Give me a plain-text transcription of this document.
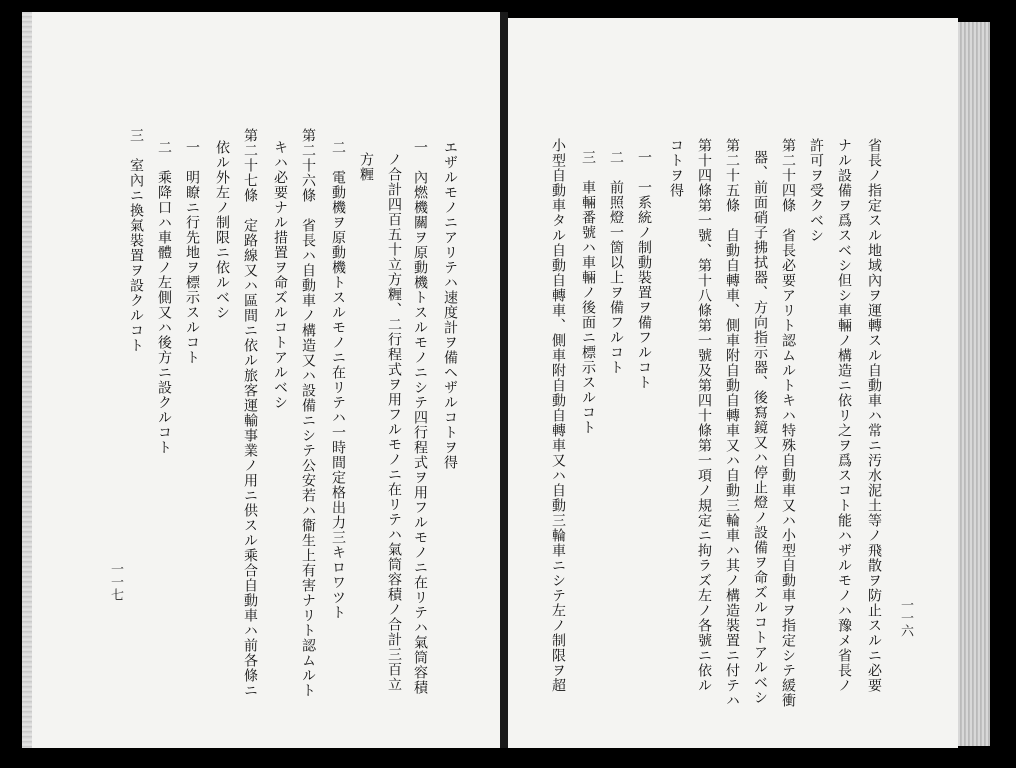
一一六
省長ノ指定スル地域內ヲ運轉スル自動車ハ常ニ汚水泥土等ノ飛散ヲ防止スルニ必要
ナル設備ヲ爲スベシ但シ車輛ノ構造ニ依リ之ヲ爲スコト能ハザルモノハ豫メ省長ノ
許可ヲ受クベシ
第二十四條　省長必要アリト認ムルトキハ特殊自動車又ハ小型自動車ヲ指定シテ緩衝
器、前面硝子拂拭器、方向指示器、後寫鏡又ハ停止燈ノ設備ヲ命ズルコトアルベシ
第二十五條　自動自轉車、側車附自動自轉車又ハ自動三輪車ハ其ノ構造裝置ニ付テハ
第十四條第一號、第十八條第一號及第四十條第一項ノ規定ニ拘ラズ左ノ各號ニ依ル
コトヲ得
一　一系統ノ制動裝置ヲ備フルコト
二　前照燈一箇以上ヲ備フルコト
三　車輛番號ハ車輛ノ後面ニ標示スルコト
小型自動車タル自動自轉車、側車附自動自轉車又ハ自動三輪車ニシテ左ノ制限ヲ超
一一七
エザルモノニアリテハ速度計ヲ備ヘザルコトヲ得
一　內燃機關ヲ原動機トスルモノニシテ四行程式ヲ用フルモノニ在リテハ氣筒容積
ノ合計四百五十立方糎、二行程式ヲ用フルモノニ在リテハ氣筒容積ノ合計三百立
方糎
二　電動機ヲ原動機トスルモノニ在リテハ一時間定格出力三キロワツト
第二十六條　省長ハ自動車ノ構造又ハ設備ニシテ公安若ハ衞生上有害ナリト認ムルト
キハ必要ナル措置ヲ命ズルコトアルベシ
第二十七條　定路線又ハ區間ニ依ル旅客運輸事業ノ用ニ供スル乘合自動車ハ前各條ニ
依ル外左ノ制限ニ依ルベシ
一　明瞭ニ行先地ヲ標示スルコト
二　乘降口ハ車體ノ左側又ハ後方ニ設クルコト
三　室內ニ換氣裝置ヲ設クルコト
